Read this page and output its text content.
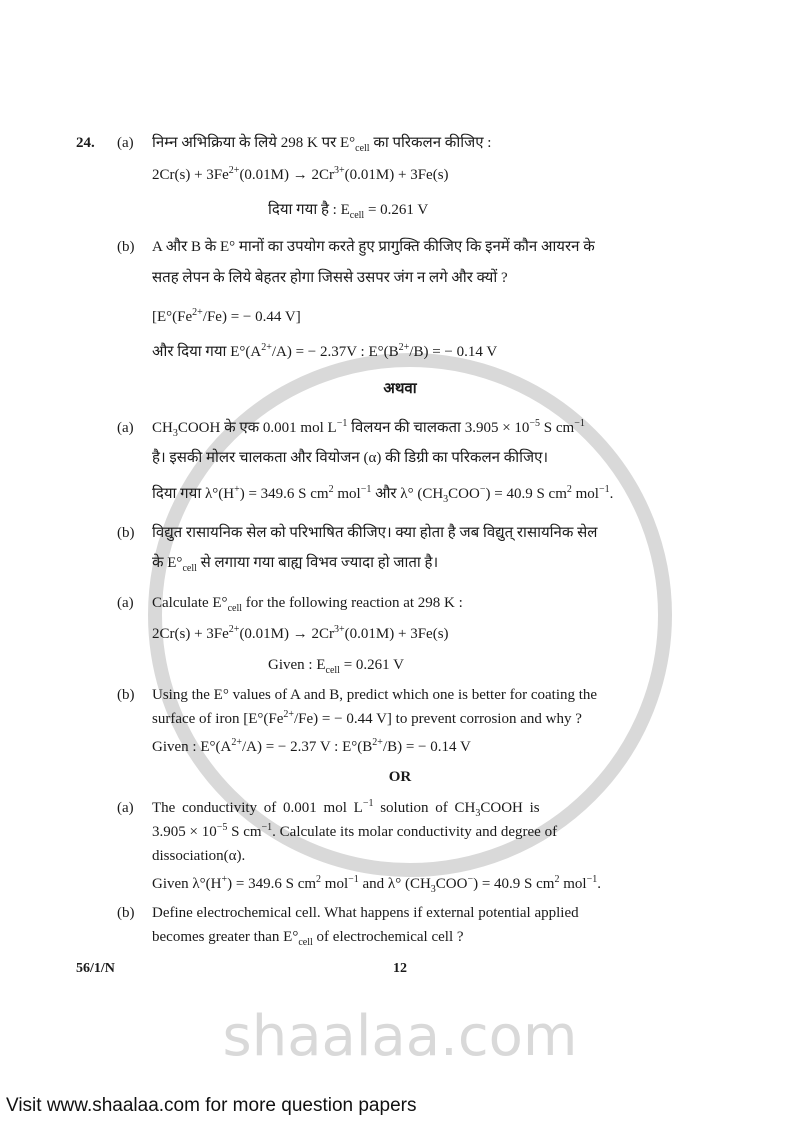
shaalaa.com
24. (a) निम्न अभिक्रिया के लिये 298 K पर $E^\circ_{cell}$ का परिकलन कीजिए :
$2Cr(s) + 3Fe^{2+}(0.01M) \to 2Cr^{3+}(0.01M) + 3Fe(s)$
दिया गया है : $E_{cell} = 0.261$ V
(b) A और B के E° मानों का उपयोग करते हुए प्रागुक्ति कीजिए कि इनमें कौन आयरन के
सतह लेपन के लिये बेहतर होगा जिससे उसपर जंग न लगे और क्यों ?
[$E^\circ(Fe^{2+}/Fe)$ = − 0.44 V]
और दिया गया $E^\circ(A^{2+}/A)$ = − 2.37V : $E^\circ(B^{2+}/B)$ = − 0.14 V
अथवा
(a) $CH_3COOH$ के एक 0.001 mol $L^{-1}$ विलयन की चालकता $3.905 \times 10^{-5}$ S $cm^{-1}$
है। इसकी मोलर चालकता और वियोजन (α) की डिग्री का परिकलन कीजिए।
दिया गया λ°(H+) = 349.6 S $cm^2$ mol$^{-1}$ और λ° $(CH_3COO^-) = 40.9$ S $cm^2$ mol$^{-1}$.
(b) विद्युत रासायनिक सेल को परिभाषित कीजिए। क्या होता है जब विद्युत् रासायनिक सेल
के $E^\circ_{cell}$ से लगाया गया बाह्य विभव ज्यादा हो जाता है।
(a) Calculate $E^\circ_{cell}$ for the following reaction at 298 K :
$2Cr(s) + 3Fe^{2+}(0.01M) \to 2Cr^{3+}(0.01M) + 3Fe(s)$
Given : $E_{cell} = 0.261$ V
(b) Using the E° values of A and B, predict which one is better for coating the
surface of iron [$E^\circ(Fe^{2+}/Fe)$ = − 0.44 V] to prevent corrosion and why ?
Given : $E^\circ(A^{2+}/A)$ = − 2.37 V : $E^\circ(B^{2+}/B)$ = − 0.14 V
OR
(a) The conductivity of 0.001 mol $L^{-1}$ solution of $CH_3COOH$ is
$3.905 \times 10^{-5}$ S $cm^{-1}$. Calculate its molar conductivity and degree of
dissociation(α).
Given λ°(H+) = 349.6 S $cm^2$ mol$^{-1}$ and λ° $(CH_3COO^-) = 40.9$ S $cm^2$ mol$^{-1}$.
(b) Define electrochemical cell. What happens if external potential applied
becomes greater than $E^\circ_{cell}$ of electrochemical cell ?
56/1/N	12
Visit www.shaalaa.com for more question papers
